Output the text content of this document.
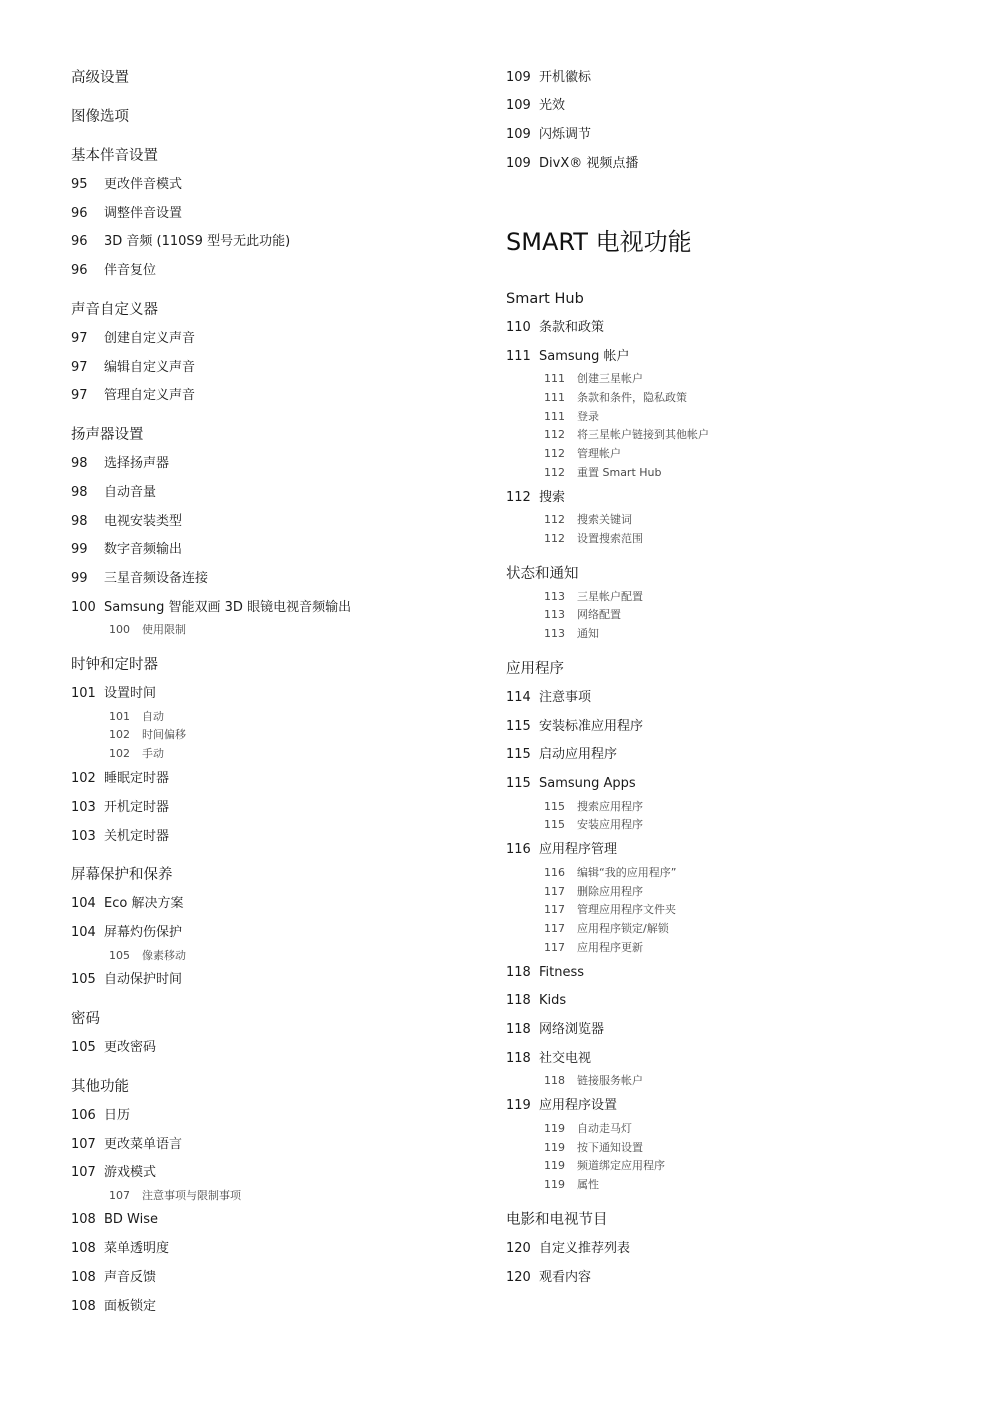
高级设置
图像选项
基本伴音设置
95 更改伴音模式
96 调整伴音设置
96 3D 音频 (110S9 型号无此功能)
96 伴音复位
声音自定义器
97 创建自定义声音
97 编辑自定义声音
97 管理自定义声音
扬声器设置
98 选择扬声器
98 自动音量
98 电视安装类型
99 数字音频输出
99 三星音频设备连接
100 Samsung 智能双画 3D 眼镜电视音频输出
100 使用限制
时钟和定时器
101 设置时间
101 自动
102 时间偏移
102 手动
102 睡眠定时器
103 开机定时器
103 关机定时器
屏幕保护和保养
104 Eco 解决方案
104 屏幕灼伤保护
105 像素移动
105 自动保护时间
密码
105 更改密码
其他功能
106 日历
107 更改菜单语言
107 游戏模式
107 注意事项与限制事项
108 BD Wise
108 菜单透明度
108 声音反馈
108 面板锁定
109 开机徽标
109 光效
109 闪烁调节
109 DivX® 视频点播
SMART 电视功能
Smart Hub
110 条款和政策
111 Samsung 帐户
111 创建三星帐户
111 条款和条件，隐私政策
111 登录
112 将三星帐户链接到其他帐户
112 管理帐户
112 重置 Smart Hub
112 搜索
112 搜索关键词
112 设置搜索范围
状态和通知
113 三星帐户配置
113 网络配置
113 通知
应用程序
114 注意事项
115 安装标准应用程序
115 启动应用程序
115 Samsung Apps
115 搜索应用程序
115 安装应用程序
116 应用程序管理
116 编辑“我的应用程序”
117 删除应用程序
117 管理应用程序文件夹
117 应用程序锁定/解锁
117 应用程序更新
118 Fitness
118 Kids
118 网络浏览器
118 社交电视
118 链接服务帐户
119 应用程序设置
119 自动走马灯
119 按下通知设置
119 频道绑定应用程序
119 属性
电影和电视节目
120 自定义推荐列表
120 观看内容
